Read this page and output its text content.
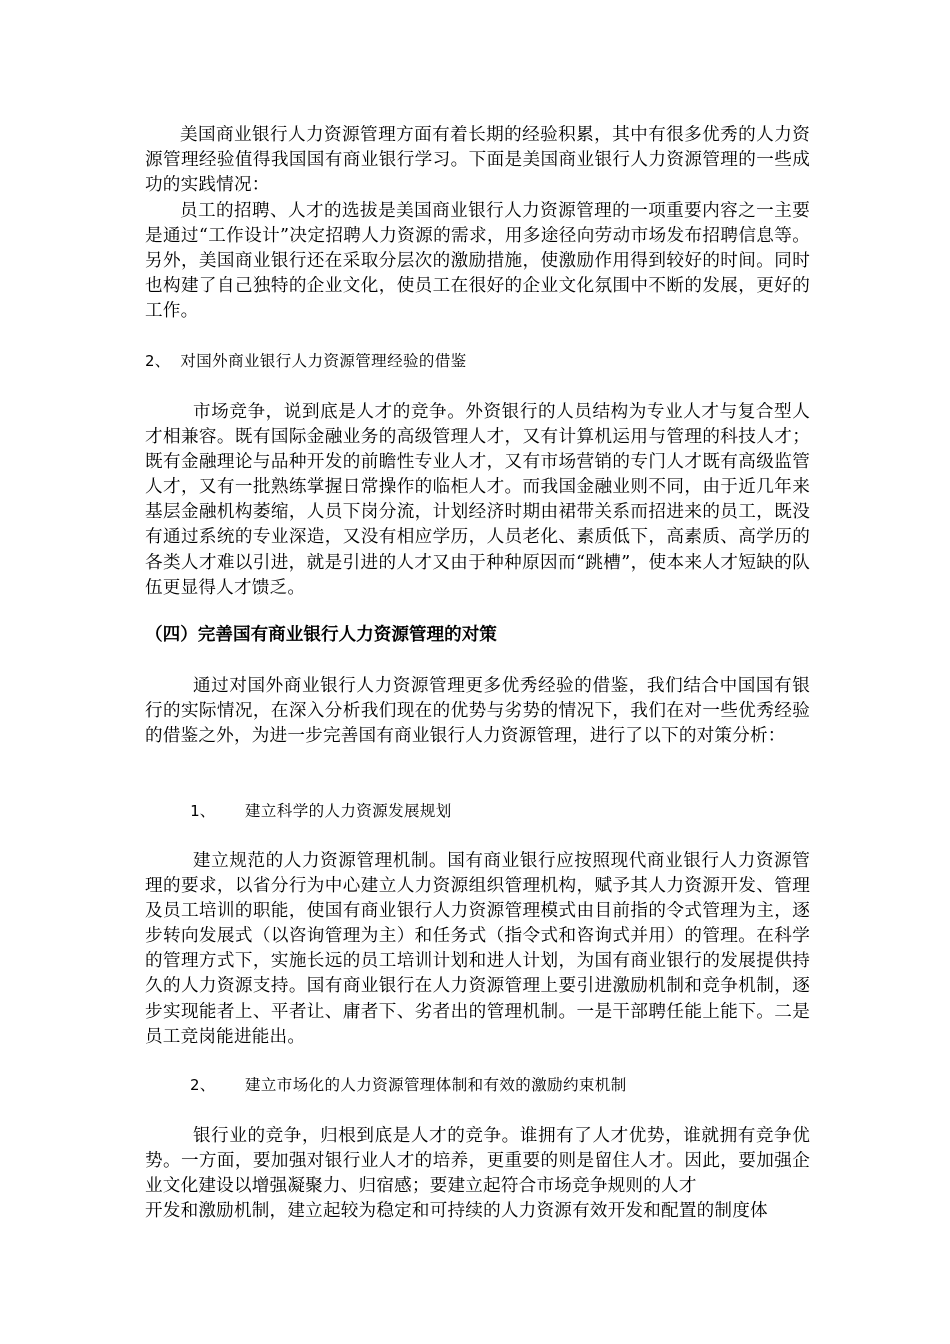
美国商业银行人力资源管理方面有着长期的经验积累，其中有很多优秀的人力资源管理经验值得我国国有商业银行学习。下面是美国商业银行人力资源管理的一些成功的实践情况：

员工的招聘、人才的选拔是美国商业银行人力资源管理的一项重要内容之一主要是通过“工作设计”决定招聘人力资源的需求，用多途径向劳动市场发布招聘信息等。另外，美国商业银行还在采取分层次的激励措施，使激励作用得到较好的时间。同时也构建了自己独特的企业文化，使员工在很好的企业文化氛围中不断的发展，更好的工作。

2、 对国外商业银行人力资源管理经验的借鉴

市场竞争，说到底是人才的竞争。外资银行的人员结构为专业人才与复合型人才相兼容。既有国际金融业务的高级管理人才，又有计算机运用与管理的科技人才；既有金融理论与品种开发的前瞻性专业人才，又有市场营销的专门人才既有高级监管人才，又有一批熟练掌握日常操作的临柜人才。而我国金融业则不同，由于近几年来基层金融机构萎缩，人员下岗分流，计划经济时期由裙带关系而招进来的员工，既没有通过系统的专业深造，又没有相应学历，人员老化、素质低下，高素质、高学历的各类人才难以引进，就是引进的人才又由于种种原因而“跳槽”，使本来人才短缺的队伍更显得人才馈乏。

（四）完善国有商业银行人力资源管理的对策

通过对国外商业银行人力资源管理更多优秀经验的借鉴，我们结合中国国有银行的实际情况，在深入分析我们现在的优势与劣势的情况下，我们在对一些优秀经验的借鉴之外，为进一步完善国有商业银行人力资源管理，进行了以下的对策分析：

1、 建立科学的人力资源发展规划

建立规范的人力资源管理机制。国有商业银行应按照现代商业银行人力资源管理的要求，以省分行为中心建立人力资源组织管理机构，赋予其人力资源开发、管理及员工培训的职能，使国有商业银行人力资源管理模式由目前指的令式管理为主，逐步转向发展式（以咨询管理为主）和任务式（指令式和咨询式并用）的管理。在科学的管理方式下，实施长远的员工培训计划和进人计划，为国有商业银行的发展提供持久的人力资源支持。国有商业银行在人力资源管理上要引进激励机制和竞争机制，逐步实现能者上、平者让、庸者下、劣者出的管理机制。一是干部聘任能上能下。二是员工竞岗能进能出。

2、 建立市场化的人力资源管理体制和有效的激励约束机制

银行业的竞争，归根到底是人才的竞争。谁拥有了人才优势，谁就拥有竞争优势。一方面，要加强对银行业人才的培养，更重要的则是留住人才。因此，要加强企业文化建设以增强凝聚力、归宿感；要建立起符合市场竞争规则的人才

开发和激励机制，建立起较为稳定和可持续的人力资源有效开发和配置的制度体
